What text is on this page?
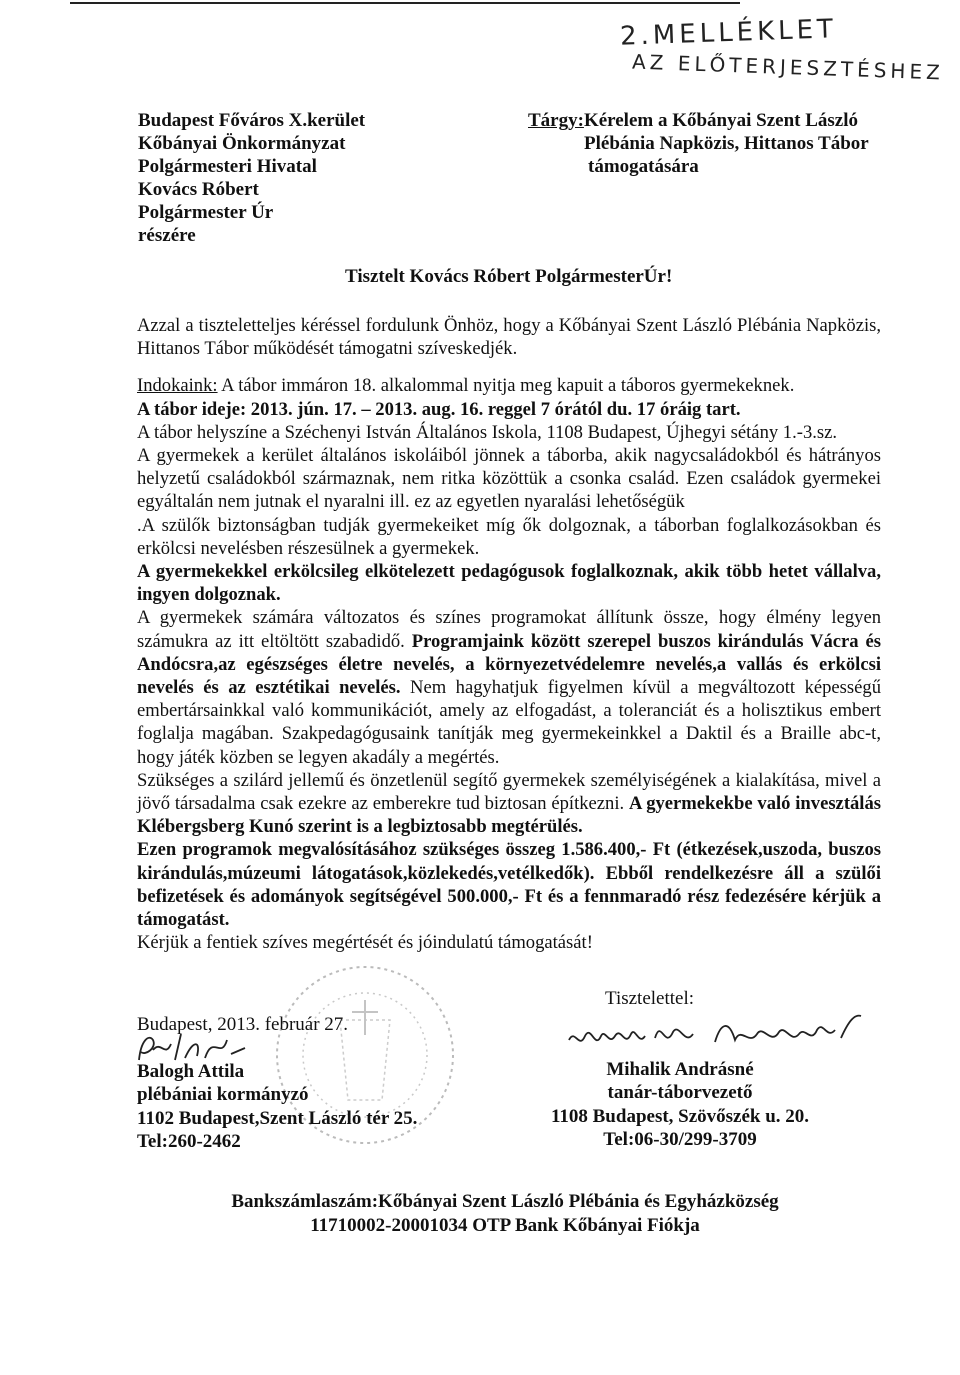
2.MELLÉKLET
AZ ELŐTERJESZTÉSHEZ
Budapest Főváros X.kerület
Kőbányai Önkormányzat
Polgármesteri Hivatal
Kovács Róbert
Polgármester Úr
részére
Tárgy:Kérelem a Kőbányai Szent László
Plébánia Napközis, Hittanos Tábor
támogatására
Tisztelt Kovács Róbert PolgármesterÚr!

Azzal a tiszteletteljes kéréssel fordulunk Önhöz, hogy a Kőbányai Szent László Plébánia Napközis, Hittanos Tábor működését támogatni szíveskedjék.

Indokaink: A tábor immáron 18. alkalommal nyitja meg kapuit a táboros gyermekeknek.

A tábor ideje: 2013. jún. 17. – 2013. aug. 16. reggel 7 órától du. 17 óráig tart.

A tábor helyszíne a Széchenyi István Általános Iskola, 1108 Budapest, Újhegyi sétány 1.-3.sz.

A gyermekek a kerület általános iskoláiból jönnek a táborba, akik nagycsaládokból és hátrányos helyzetű családokból származnak, nem ritka közöttük a csonka család. Ezen családok gyermekei egyáltalán nem jutnak el nyaralni ill. ez az egyetlen nyaralási lehetőségük

.A szülők biztonságban tudják gyermekeiket míg ők dolgoznak, a táborban foglalkozásokban és erkölcsi nevelésben részesülnek a gyermekek.

A gyermekekkel erkölcsileg elkötelezett pedagógusok foglalkoznak, akik több hetet vállalva, ingyen dolgoznak.

A gyermekek számára változatos és színes programokat állítunk össze, hogy élmény legyen számukra az itt eltöltött szabadidő. Programjaink között szerepel buszos kirándulás Vácra és Andócsra,az egészséges életre nevelés, a környezetvédelemre nevelés,a vallás és erkölcsi nevelés és az esztétikai nevelés. Nem hagyhatjuk figyelmen kívül a megváltozott képességű embertársainkkal való kommunikációt, amely az elfogadást, a toleranciát és a holisztikus embert foglalja magában. Szakpedagógusaink tanítják meg gyermekeinkkel a Daktil és a Braille abc-t, hogy játék közben se legyen akadály a megértés.

Szükséges a szilárd jellemű és önzetlenül segítő gyermekek személyiségének a kialakítása, mivel a jövő társadalma csak ezekre az emberekre tud biztosan építkezni. A gyermekekbe való invesztálás Klébergsberg Kunó szerint is a legbiztosabb megtérülés.

Ezen programok megvalósításához szükséges összeg 1.586.400,- Ft (étkezések,uszoda, buszos kirándulás,múzeumi látogatások,közlekedés,vetélkedők). Ebből rendelkezésre áll a szülői befizetések és adományok segítségével 500.000,- Ft és a fennmaradó rész fedezésére kérjük a támogatást.

Kérjük a fentiek szíves megértését és jóindulatú támogatását!

Budapest, 2013. február 27.
Balogh Attila
plébániai kormányzó
1102 Budapest,Szent László tér 25.
Tel:260-2462
Tisztelettel:
Mihalik Andrásné
tanár-táborvezető
1108 Budapest, Szövőszék u. 20.
Tel:06-30/299-3709
Bankszámlaszám:Kőbányai Szent László Plébánia és Egyházközség
11710002-20001034 OTP Bank Kőbányai Fiókja
